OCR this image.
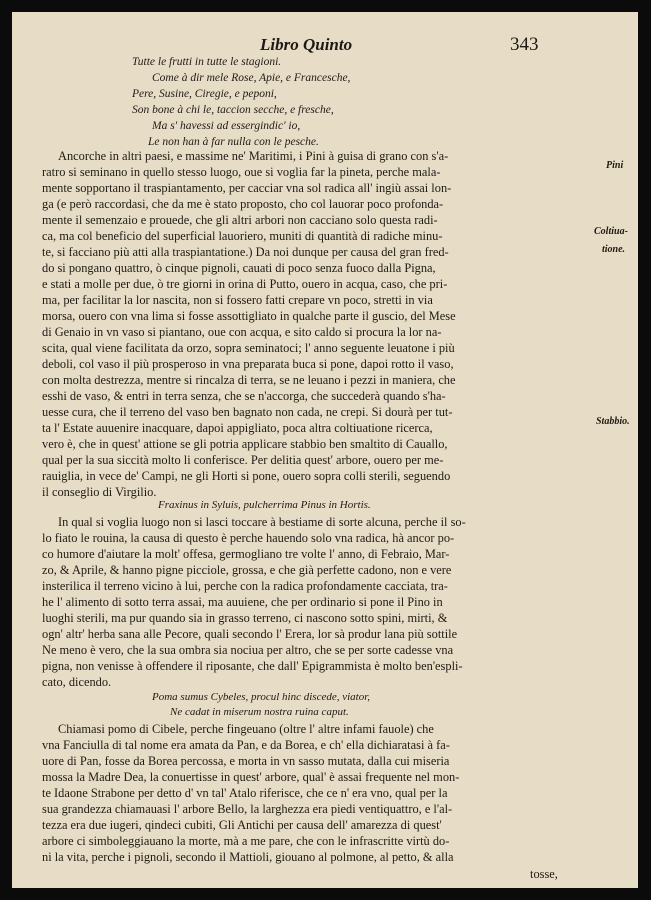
Libro Quinto	343
Tutte le frutti in tutte le stagioni.
Come à dir mele Rose, Apie, e Francesche,
Pere, Susine, Ciregie, e peponi,
Son bone à chi le, taccion secche, e fresche,
Ma s' havessi ad essergindic' io,
Le non han à far nulla con le pesche.
Ancorche in altri paesi, e massime ne' Maritimi, i Pini à guisa di grano con s'a-
ratro si seminano in quello stesso luogo, oue si voglia far la pineta, perche mala-
mente sopportano il traspiantamento, per cacciar vna sol radica all' ingiù assai lon-
ga (e però raccordasi, che da me è stato proposto, cho col lauorar poco profonda-
mente il semenzaio e prouede, che gli altri arbori non cacciano solo questa radi-
ca, ma col beneficio del superficial lauoriero, muniti di quantità di radiche minu-
te, si facciano più atti alla traspiantatione.) Da noi dunque per causa del gran fred-
do si pongano quattro, ò cinque pignoli, cauati di poco senza fuoco dalla Pigna,
e stati a molle per due, ò tre giorni in orina di Putto, ouero in acqua, caso, che pri-
ma, per facilitar la lor nascita, non si fossero fatti crepare vn poco, stretti in via
morsa, ouero con vna lima si fosse assottigliato in qualche parte il guscio, del Mese
di Genaio in vn vaso si piantano, oue con acqua, e sito caldo si procura la lor na-
scita, qual viene facilitata da orzo, sopra seminatoci; l' anno seguente leuatone i più
deboli, col vaso il più prosperoso in vna preparata buca si pone, dapoi rotto il vaso,
con molta destrezza, mentre si rincalza di terra, se ne leuano i pezzi in maniera, che
esshi de vaso, & entri in terra senza, che se n'accorga, che succederà quando s'ha-
uesse cura, che il terreno del vaso ben bagnato non cada, ne crepi. Si dourà per tut-
ta l' Estate auuenire inacquare, dapoi appigliato, poca altra coltiuatione ricerca,
vero è, che in quest' attione se gli potria applicare stabbio ben smaltito di Cauallo,
qual per la sua siccità molto li conferisce. Per delitia quest' arbore, ouero per me-
rauiglia, in vece de' Campi, ne gli Horti si pone, ouero sopra colli sterili, seguendo
il conseglio di Virgilio.
Fraxinus in Syluis, pulcherrima Pinus in Hortis.
In qual si voglia luogo non si lasci toccare à bestiame di sorte alcuna, perche il so-
lo fiato le rouina, la causa di questo è perche hauendo solo vna radica, hà ancor po-
co humore d'aiutare la molt' offesa, germogliano tre volte l' anno, di Febraio, Mar-
zo, & Aprile, & hanno pigne picciole, grossa, e che già perfette cadono, non e vere
insterilica il terreno vicino à lui, perche con la radica profondamente cacciata, tra-
he l' alimento di sotto terra assai, ma auuiene, che per ordinario si pone il Pino in
luoghi sterili, ma pur quando sia in grasso terreno, ci nascono sotto spini, mirti, &
ogn' altr' herba sana alle Pecore, quali secondo l' Erera, lor sà produr lana più sottile
Ne meno è vero, che la sua ombra sia nociua per altro, che se per sorte cadesse vna
pigna, non venisse à offendere il riposante, che dall' Epigrammista è molto ben'espli-
cato, dicendo.
Poma sumus Cybeles, procul hinc discede, viator,
Ne cadat in miserum nostra ruina caput.
Chiamasi pomo di Cibele, perche fingeuano (oltre l' altre infami fauole) che
vna Fanciulla di tal nome era amata da Pan, e da Borea, e ch' ella dichiaratasi à fa-
uore di Pan, fosse da Borea percossa, e morta in vn sasso mutata, dalla cui miseria
mossa la Madre Dea, la conuertisse in quest' arbore, qual' è assai frequente nel mon-
te Idaone Strabone per detto d' vn tal' Atalo riferisce, che ce n' era vno, qual per la
sua grandezza chiamauasi l' arbore Bello, la larghezza era piedi ventiquattro, e l'al-
tezza era due iugeri, qindeci cubiti, Gli Antichi per causa dell' amarezza di quest'
arbore ci simboleggiauano la morte, mà a me pare, che con le infrascritte virtù do-
ni la vita, perche i pignoli, secondo il Mattioli, giouano al polmone, al petto, & alla
tosse,
Pini
Coltiua-
tione.
Stabbio.
